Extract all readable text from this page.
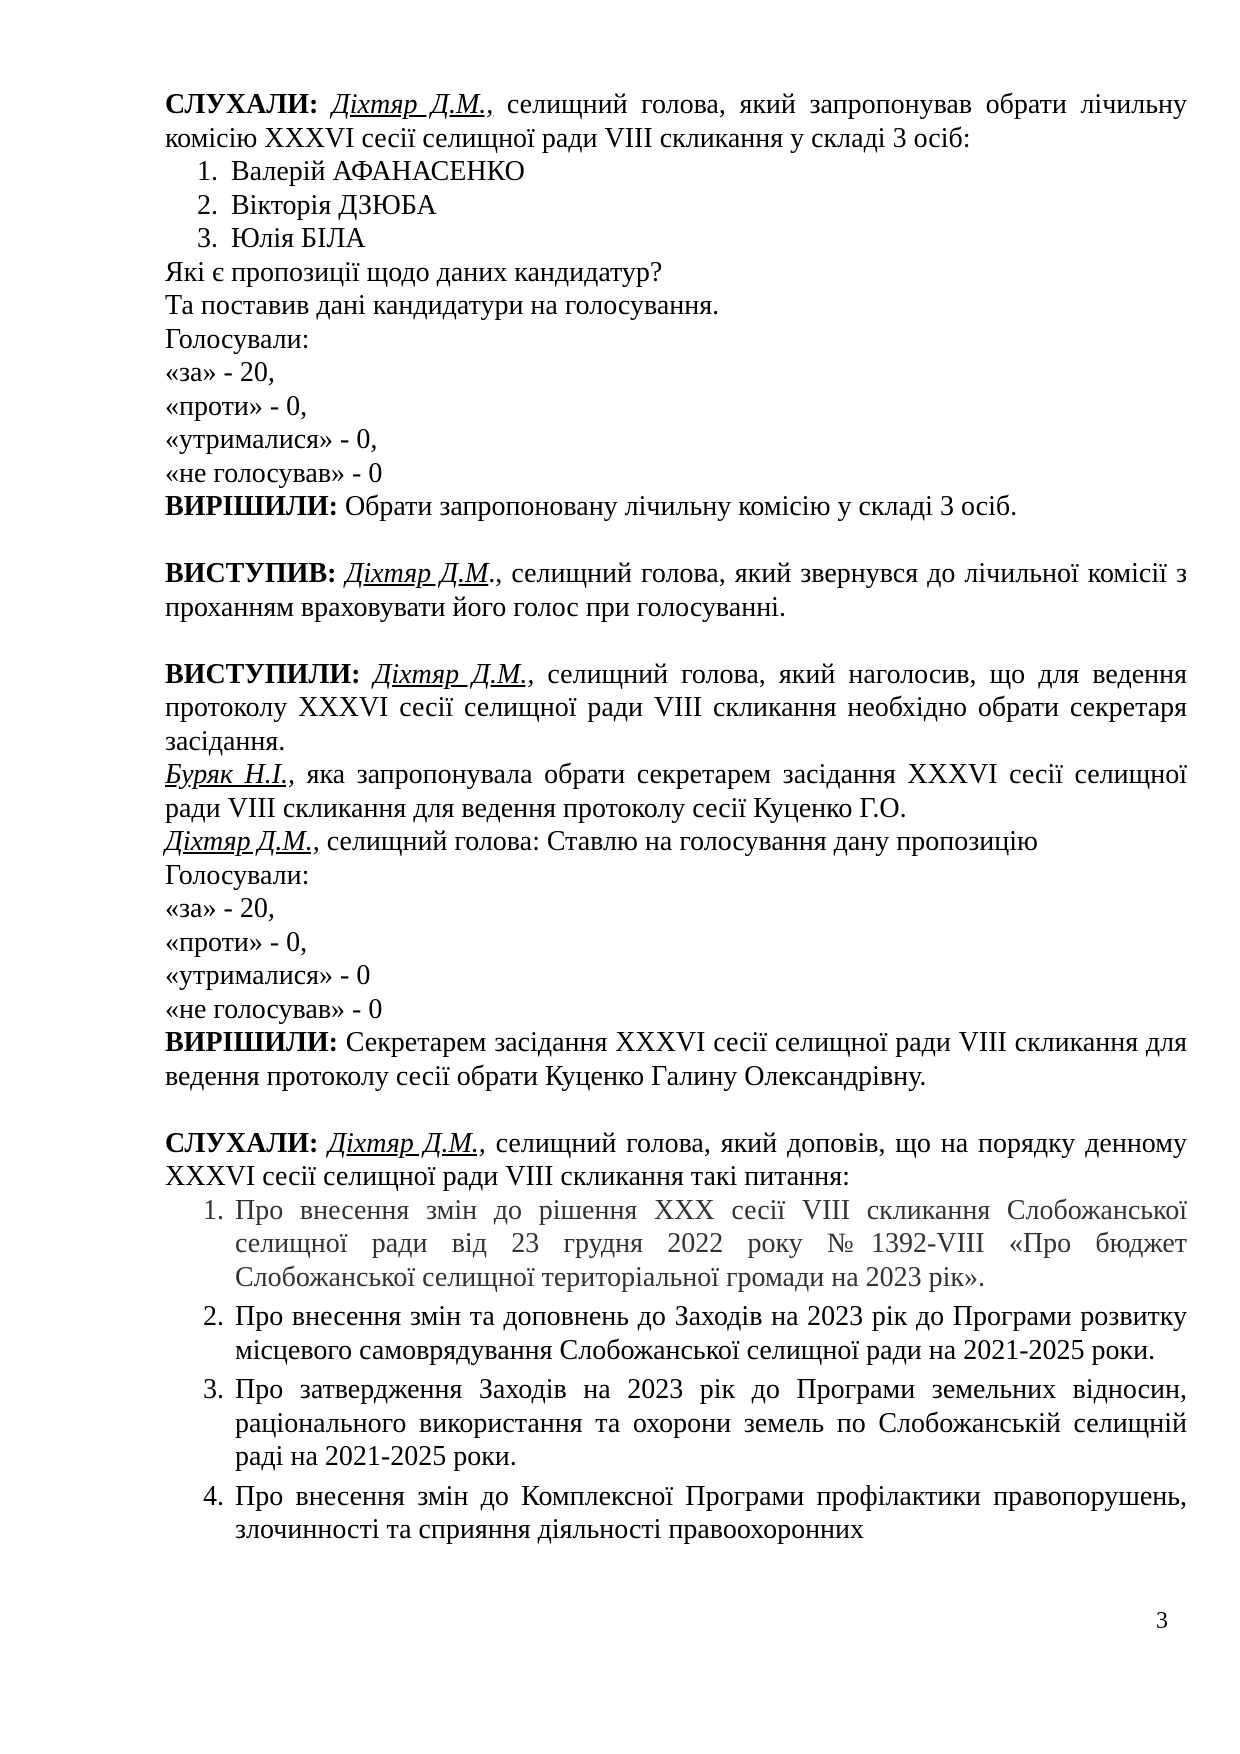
СЛУХАЛИ: Діхтяр Д.М., селищний голова, який запропонував обрати лічильну комісію XXXVI сесії селищної ради VIII скликання у складі 3 осіб:

1. Валерій АФАНАСЕНКО
2. Вікторія ДЗЮБА
3. Юлія БІЛА

Які є пропозиції щодо даних кандидатур?

Та поставив дані кандидатури на голосування.

Голосували:

«за» - 20,

«проти» - 0,

«утрималися» - 0,

«не голосував» - 0

ВИРІШИЛИ: Обрати запропоновану лічильну комісію у складі 3 осіб.

ВИСТУПИВ: Діхтяр Д.М., селищний голова, який звернувся до лічильної комісії з проханням враховувати його голос при голосуванні.

ВИСТУПИЛИ: Діхтяр Д.М., селищний голова, який наголосив, що для ведення протоколу XXXVI сесії селищної ради VIII скликання необхідно обрати секретаря засідання.

Буряк Н.І., яка запропонувала обрати секретарем засідання XXXVI сесії селищної ради VIII скликання для ведення протоколу сесії Куценко Г.О.

Діхтяр Д.М., селищний голова: Ставлю на голосування дану пропозицію

Голосували:

«за» - 20,

«проти» - 0,

«утрималися» - 0

«не голосував» - 0

ВИРІШИЛИ: Секретарем засідання XXXVI сесії селищної ради VIII скликання для ведення протоколу сесії обрати Куценко Галину Олександрівну.

СЛУХАЛИ: Діхтяр Д.М., селищний голова, який доповів, що на порядку денному XXXVI сесії селищної ради VIII скликання такі питання:

1. Про внесення змін до рішення XXX сесії VIII скликання Слобожанської селищної ради від 23 грудня 2022 року №1392-VIII «Про бюджет Слобожанської селищної територіальної громади на 2023 рік».
2. Про внесення змін та доповнень до Заходів на 2023 рік до Програми розвитку місцевого самоврядування Слобожанської селищної ради на 2021-2025 роки.
3. Про затвердження Заходів на 2023 рік до Програми земельних відносин, раціонального використання та охорони земель по Слобожанській селищній раді на 2021-2025 роки.
4. Про внесення змін до Комплексної Програми профілактики правопорушень, злочинності та сприяння діяльності правоохоронних
3
